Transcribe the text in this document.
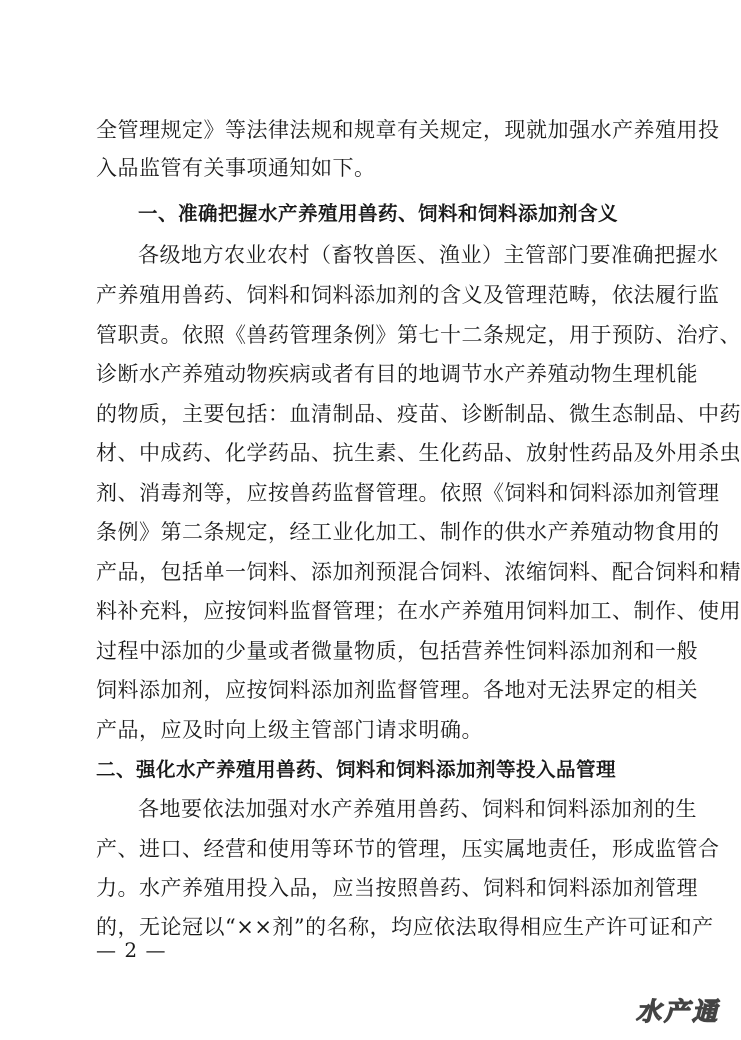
全管理规定》等法律法规和规章有关规定，现就加强水产养殖用投
入品监管有关事项通知如下。
一、准确把握水产养殖用兽药、饲料和饲料添加剂含义
各级地方农业农村（畜牧兽医、渔业）主管部门要准确把握水
产养殖用兽药、饲料和饲料添加剂的含义及管理范畴，依法履行监
管职责。依照《兽药管理条例》第七十二条规定，用于预防、治疗、
诊断水产养殖动物疾病或者有目的地调节水产养殖动物生理机能
的物质，主要包括：血清制品、疫苗、诊断制品、微生态制品、中药
材、中成药、化学药品、抗生素、生化药品、放射性药品及外用杀虫
剂、消毒剂等，应按兽药监督管理。依照《饲料和饲料添加剂管理
条例》第二条规定，经工业化加工、制作的供水产养殖动物食用的
产品，包括单一饲料、添加剂预混合饲料、浓缩饲料、配合饲料和精
料补充料，应按饲料监督管理；在水产养殖用饲料加工、制作、使用
过程中添加的少量或者微量物质，包括营养性饲料添加剂和一般
饲料添加剂，应按饲料添加剂监督管理。各地对无法界定的相关
产品，应及时向上级主管部门请求明确。
二、强化水产养殖用兽药、饲料和饲料添加剂等投入品管理
各地要依法加强对水产养殖用兽药、饲料和饲料添加剂的生
产、进口、经营和使用等环节的管理，压实属地责任，形成监管合
力。水产养殖用投入品，应当按照兽药、饲料和饲料添加剂管理
的，无论冠以“××剂”的名称，均应依法取得相应生产许可证和产
— 2 —
水产通
